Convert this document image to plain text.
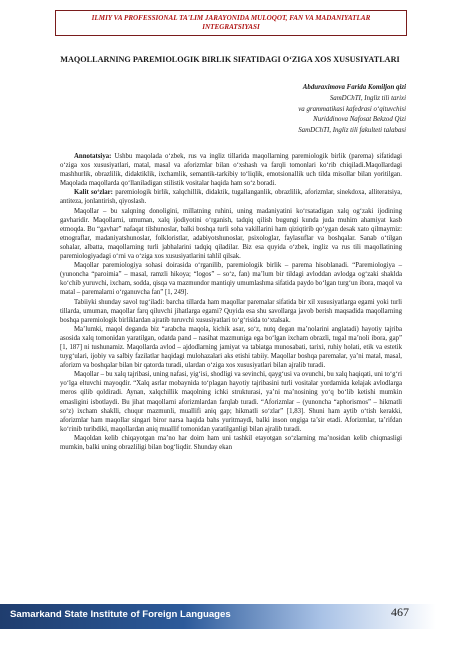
ILMIY VA PROFESSIONAL TA'LIM JARAYONIDA MULOQOT, FAN VA MADANIYATLAR
INTEGRATSIYASI
MAQOLLARNING PAREMIOLOGIK BIRLIK SIFATIDAGI O‘ZIGA XOS XUSUSIYATLARI
Abduraximova Farida Komiljon qizi
SamDChTI, Ingliz tili tarixi
va grammatikasi kafedrasi o‘qituvchisi
Nuriddinova Nafosat Bekzod Qizi
SamDChTI, Ingliz tili fakulteti talabasi

Annotatsiya: Ushbu maqolada o‘zbek, rus va ingliz tillarida maqollarning paremiologik birlik (parema) sifatidagi o‘ziga xos xususiyatlari, matal, masal va aforizmlar bilan o‘xshash va farqli tomonlari ko‘rib chiqiladi.Maqollardagi mashhurlik, obrazlilik, didaktiklik, ixchamlik, semantik-tarkibiy to‘liqlik, emotsionallik uch tilda misollar bilan yoritilgan. Maqolada maqollarda qo‘llaniladigan stilistik vositalar haqida ham so‘z boradi.

Kalit so‘zlar: paremiologik birlik, xalqchillik, didaktik, tugallanganlik, obrazlilik, aforizmlar, sinekdoxa, alliteratsiya, antiteza, jonlantirish, qiyoslash.

Maqollar – bu xalqning donoligini, millatning ruhini, uning madaniyatini ko‘rsatadigan xalq og‘zaki ijodining gavharidir. Maqollarni, umuman, xalq ijodiyotini o‘rganish, tadqiq qilish bugungi kunda juda muhim ahamiyat kasb etmoqda. Bu “gavhar” nafaqat tilshunoslar, balki boshqa turli soha vakillarini ham qiziqtirib qo‘ygan desak xato qilmaymiz: etnograflar, madaniyatshunoslar, folkloristlar, adabiyotshunoslar, psixologlar, faylasuflar va boshqalar. Sanab o‘tilgan sohalar, albatta, maqollarning turli jabhalarini tadqiq qiladilar. Biz esa quyida o‘zbek, ingliz va rus tili maqollatining paremiologiyadagi o‘rni va o‘ziga xos xususiyatlarini tahlil qilsak.

Maqollar paremiologiya sohasi doirasida o‘rganilib, paremiologik birlik – parema hisoblanadi. “Paremiologiya – (yunoncha “paroimia” – masal, ramzli hikoya; “logos” – so‘z, fan) ma’lum bir tildagi avloddan avlodga og‘zaki shaklda ko‘chib yuruvchi, ixcham, sodda, qisqa va mazmundor mantiqiy umumlashma sifatida paydo bo‘lgan turg‘un ibora, maqol va matal – paremalarni o‘rganuvcha fan” [1, 249].

Tabiiyki shunday savol tug‘iladi: barcha tillarda ham maqollar paremalar sifatida bir xil xususiyatlarga egami yoki turli tillarda, umuman, maqollar farq qiluvchi jihatlarga egami? Quyida esa shu savollarga javob berish maqsadida maqollarning boshqa paremiologik birliklardan ajratib turuvchi xususiyatlari to‘g‘risida to‘xtalsak.

Ma’lumki, maqol deganda biz “arabcha maqola, kichik asar, so‘z, nutq degan ma’nolarini anglatadi) hayotiy tajriba asosida xalq tomonidan yaratilgan, odatda pand – nasihat mazmuniga ega bo‘lgan ixcham obrazli, tugal ma’noli ibora, gap” [1, 187] ni tushunamiz. Maqollarda avlod – ajdodlarning jamiyat va tabiatga munosabati, tarixi, ruhiy holati, etik va estetik tuyg‘ulari, ijobiy va salbiy fazilatlar haqidagi mulohazalari aks etishi tabiiy. Maqollar boshqa paremalar, ya’ni matal, masal, aforizm va boshqalar bilan bir qatorda turadi, ulardan o‘ziga xos xususiyatlari bilan ajralib turadi.

Maqollar – bu xalq tajribasi, uning nafasi, yig‘isi, shodligi va sevinchi, qayg‘usi va ovunchi, bu xalq haqiqati, uni to‘g‘ri yo‘lga eltuvchi mayoqdir. “Xalq asrlar mobaynida to‘plagan hayotiy tajribasini turli vositalar yordamida kelajak avlodlarga meros qilib qoldiradi. Aynan, xalqchillik maqolning ichki strukturasi, ya’ni ma’nosining yo‘q bo‘lib ketishi mumkin emasligini isbotlaydi. Bu jihat maqollarni aforizmlardan farqlab turadi. “Aforizmlar – (yunoncha “aphorismos” – hikmatli so‘z) ixcham shaklli, chuqur mazmunli, muallifi aniq gap; hikmatli so‘zlar” [1,83]. Shuni ham aytib o‘tish kerakki, aforizmlar ham maqollar singari biror narsa haqida bahs yuritmaydi, balki inson ongiga ta’sir etadi. Aforizmlar, ta’rifdan ko‘rinib turibdiki, maqollardan aniq muallif tomonidan yaratilganligi bilan ajralib turadi.

Maqoldan kelib chiqayotgan ma’no har doim ham uni tashkil etayotgan so‘zlarning ma’nosidan kelib chiqmasligi mumkin, balki uning obrazliligi bilan bog‘liqdir. Shunday ekan

Samarkand State Institute of Foreign Languages	467
